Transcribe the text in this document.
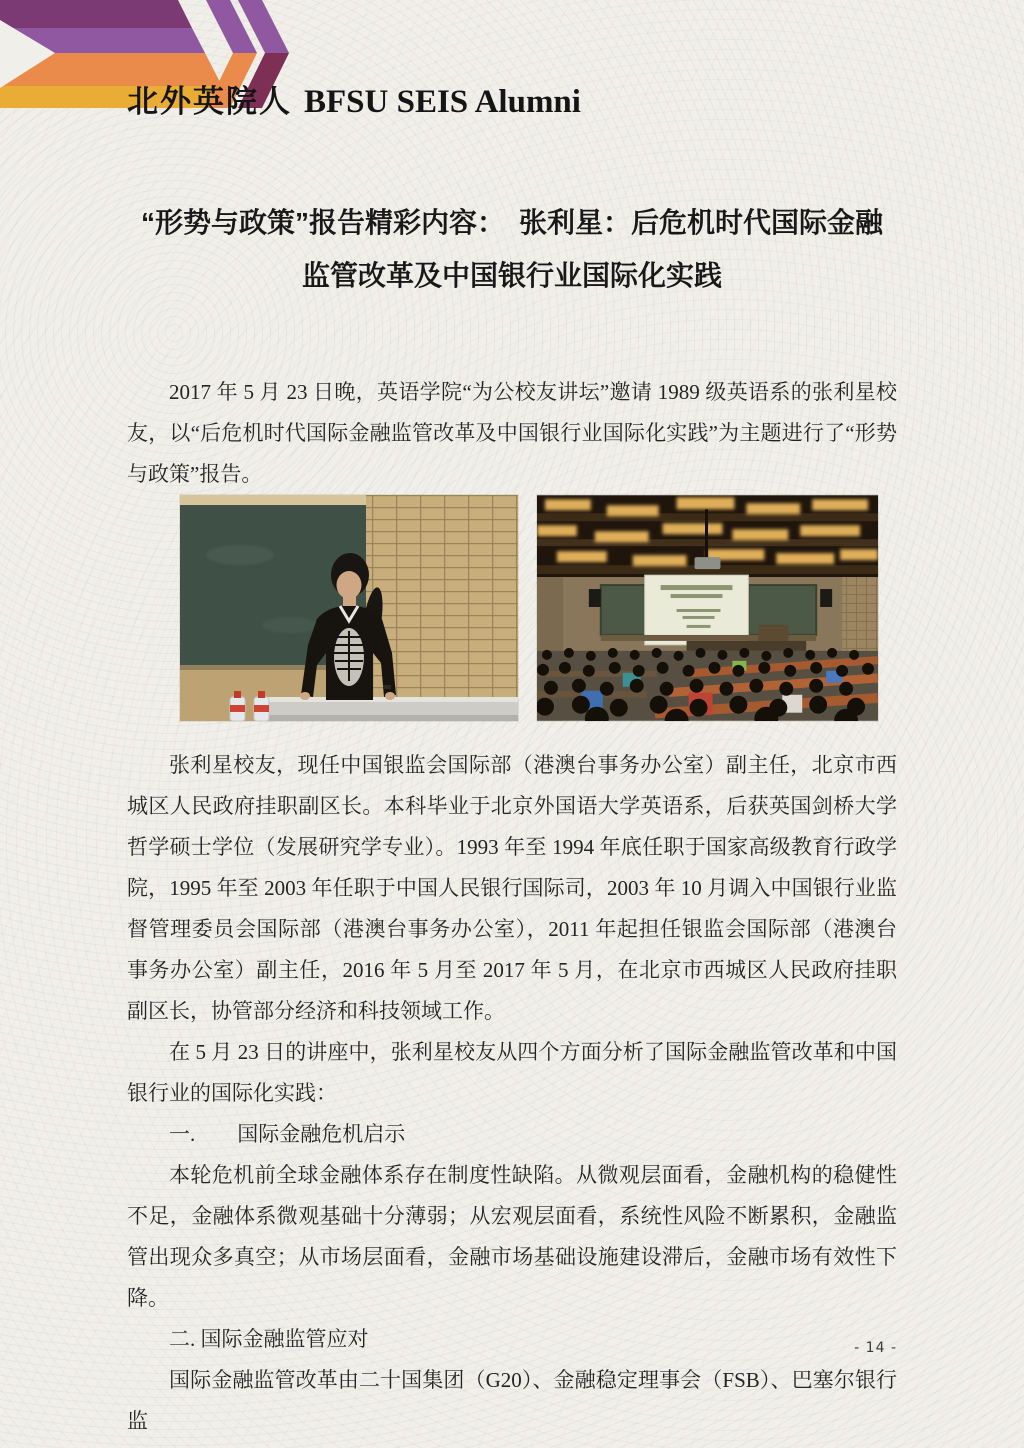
北外英院人 BFSU SEIS Alumni
“形势与政策”报告精彩内容：　张利星：后危机时代国际金融
监管改革及中国银行业国际化实践

2017 年 5 月 23 日晚，英语学院“为公校友讲坛”邀请 1989 级英语系的张利星校友，以“后危机时代国际金融监管改革及中国银行业国际化实践”为主题进行了“形势与政策”报告。

张利星校友，现任中国银监会国际部（港澳台事务办公室）副主任，北京市西城区人民政府挂职副区长。本科毕业于北京外国语大学英语系，后获英国剑桥大学哲学硕士学位（发展研究学专业）。1993 年至 1994 年底任职于国家高级教育行政学院，1995 年至 2003 年任职于中国人民银行国际司，2003 年 10 月调入中国银行业监督管理委员会国际部（港澳台事务办公室），2011 年起担任银监会国际部（港澳台事务办公室）副主任，2016 年 5 月至 2017 年 5 月，在北京市西城区人民政府挂职副区长，协管部分经济和科技领域工作。

在 5 月 23 日的讲座中，张利星校友从四个方面分析了国际金融监管改革和中国银行业的国际化实践：

一.　　国际金融危机启示

本轮危机前全球金融体系存在制度性缺陷。从微观层面看，金融机构的稳健性不足，金融体系微观基础十分薄弱；从宏观层面看，系统性风险不断累积，金融监管出现众多真空；从市场层面看，金融市场基础设施建设滞后，金融市场有效性下降。

二. 国际金融监管应对

国际金融监管改革由二十国集团（G20）、金融稳定理事会（FSB）、巴塞尔银行监

- 14 -
